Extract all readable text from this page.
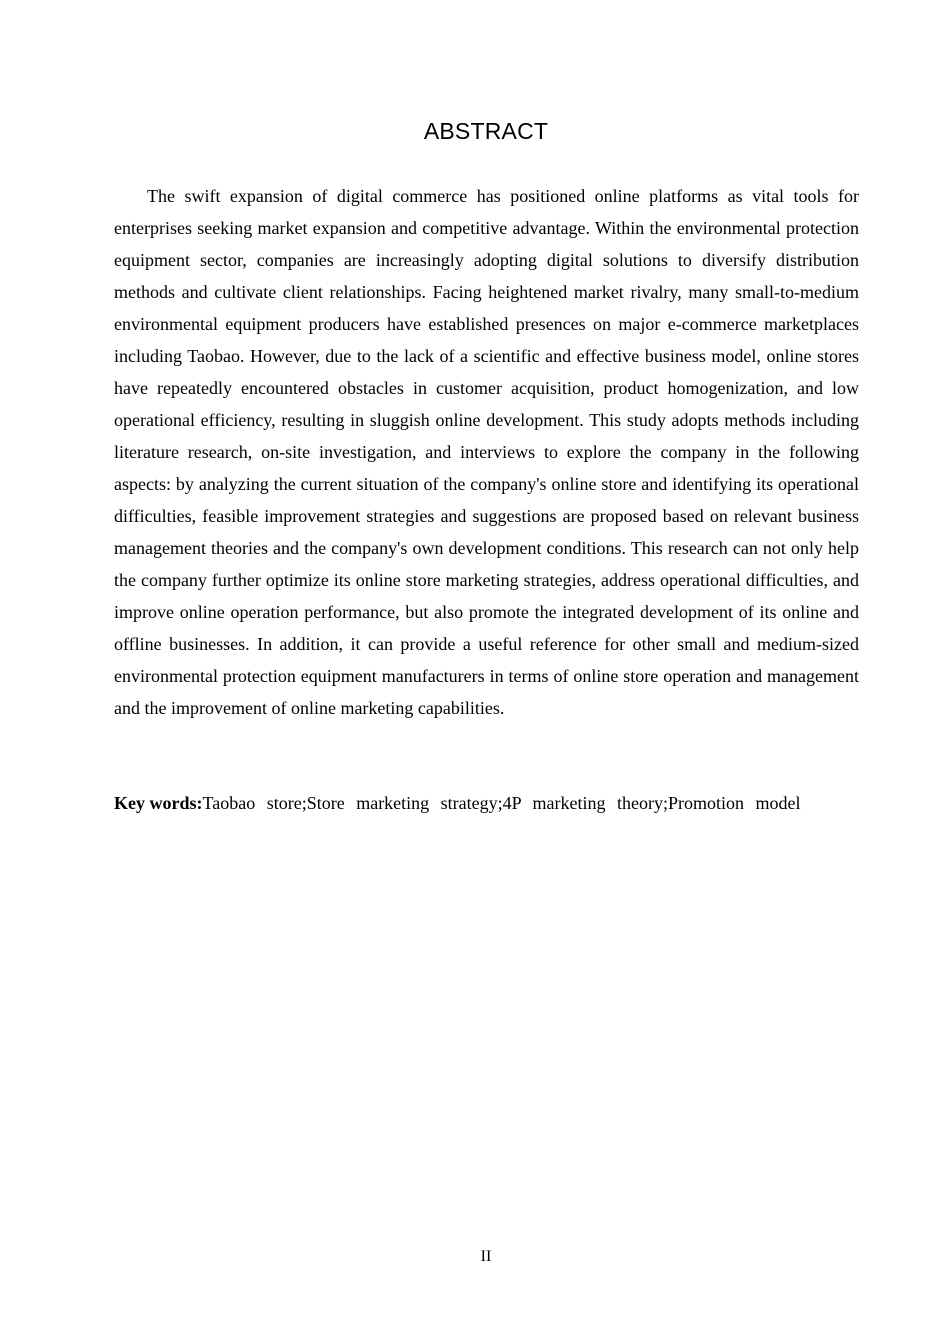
ABSTRACT

The swift expansion of digital commerce has positioned online platforms as vital tools for enterprises seeking market expansion and competitive advantage. Within the environmental protection equipment sector, companies are increasingly adopting digital solutions to diversify distribution methods and cultivate client relationships. Facing heightened market rivalry, many small-to-medium environmental equipment producers have established presences on major e-commerce marketplaces including Taobao. However, due to the lack of a scientific and effective business model, online stores have repeatedly encountered obstacles in customer acquisition, product homogenization, and low operational efficiency, resulting in sluggish online development. This study adopts methods including literature research, on-site investigation, and interviews to explore the company in the following aspects: by analyzing the current situation of the company's online store and identifying its operational difficulties, feasible improvement strategies and suggestions are proposed based on relevant business management theories and the company's own development conditions. This research can not only help the company further optimize its online store marketing strategies, address operational difficulties, and improve online operation performance, but also promote the integrated development of its online and offline businesses. In addition, it can provide a useful reference for other small and medium-sized environmental protection equipment manufacturers in terms of online store operation and management and the improvement of online marketing capabilities.

Key words:Taobao store;Store marketing strategy;4P marketing theory;Promotion model

II
